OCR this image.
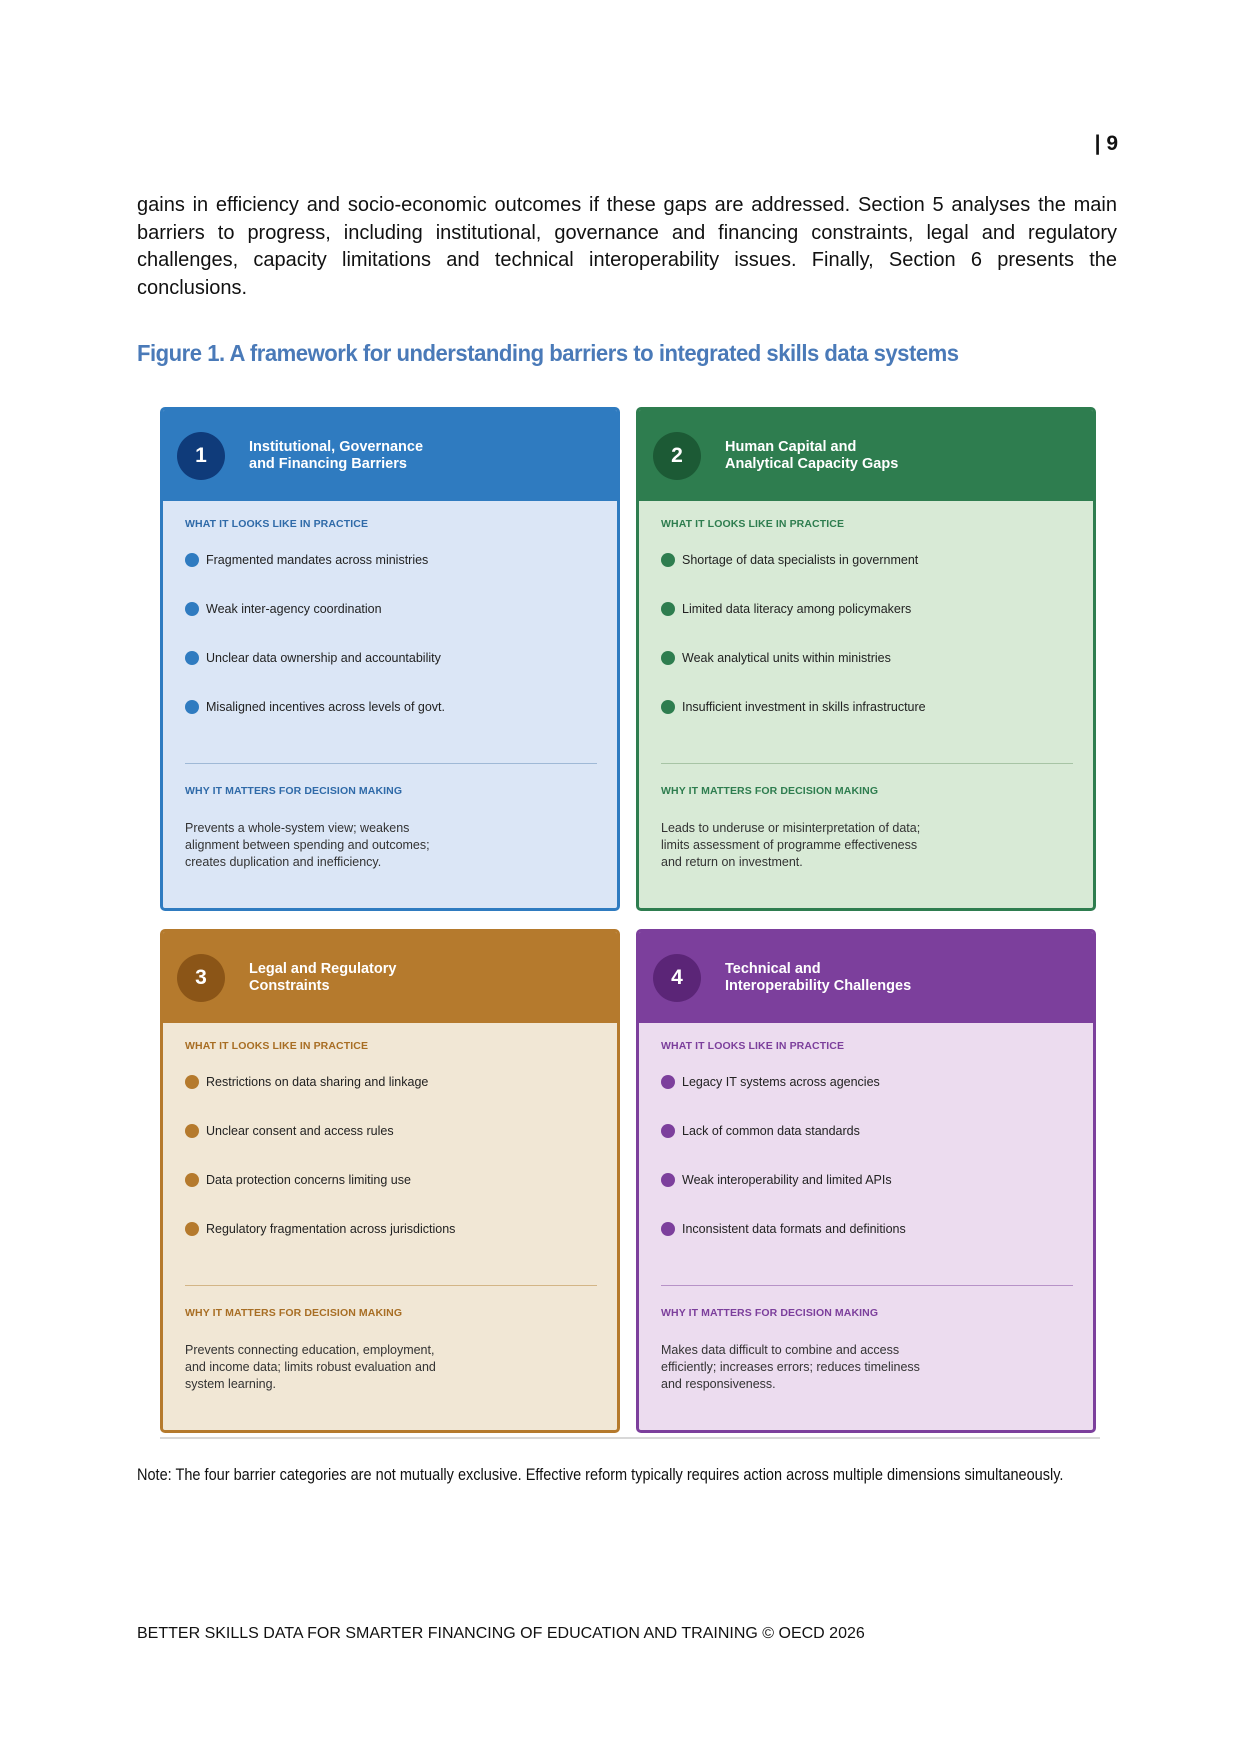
| 9

gains in efficiency and socio-economic outcomes if these gaps are addressed. Section 5 analyses the main barriers to progress, including institutional, governance and financing constraints, legal and regulatory challenges, capacity limitations and technical interoperability issues. Finally, Section 6 presents the conclusions.

Figure 1. A framework for understanding barriers to integrated skills data systems
1	Institutional, Governance
and Financing Barriers
WHAT IT LOOKS LIKE IN PRACTICE
Fragmented mandates across ministries
Weak inter-agency coordination
Unclear data ownership and accountability
Misaligned incentives across levels of govt.
WHY IT MATTERS FOR DECISION MAKING

Prevents a whole-system view; weakens alignment between spending and outcomes; creates duplication and inefficiency.

2	Human Capital and
Analytical Capacity Gaps
WHAT IT LOOKS LIKE IN PRACTICE
Shortage of data specialists in government
Limited data literacy among policymakers
Weak analytical units within ministries
Insufficient investment in skills infrastructure
WHY IT MATTERS FOR DECISION MAKING

Leads to underuse or misinterpretation of data; limits assessment of programme effectiveness and return on investment.

3	Legal and Regulatory
Constraints
WHAT IT LOOKS LIKE IN PRACTICE
Restrictions on data sharing and linkage
Unclear consent and access rules
Data protection concerns limiting use
Regulatory fragmentation across jurisdictions
WHY IT MATTERS FOR DECISION MAKING

Prevents connecting education, employment, and income data; limits robust evaluation and system learning.

4	Technical and
Interoperability Challenges
WHAT IT LOOKS LIKE IN PRACTICE
Legacy IT systems across agencies
Lack of common data standards
Weak interoperability and limited APIs
Inconsistent data formats and definitions
WHY IT MATTERS FOR DECISION MAKING

Makes data difficult to combine and access efficiently; increases errors; reduces timeliness and responsiveness.

Note: The four barrier categories are not mutually exclusive. Effective reform typically requires action across multiple dimensions simultaneously.

BETTER SKILLS DATA FOR SMARTER FINANCING OF EDUCATION AND TRAINING © OECD 2026
